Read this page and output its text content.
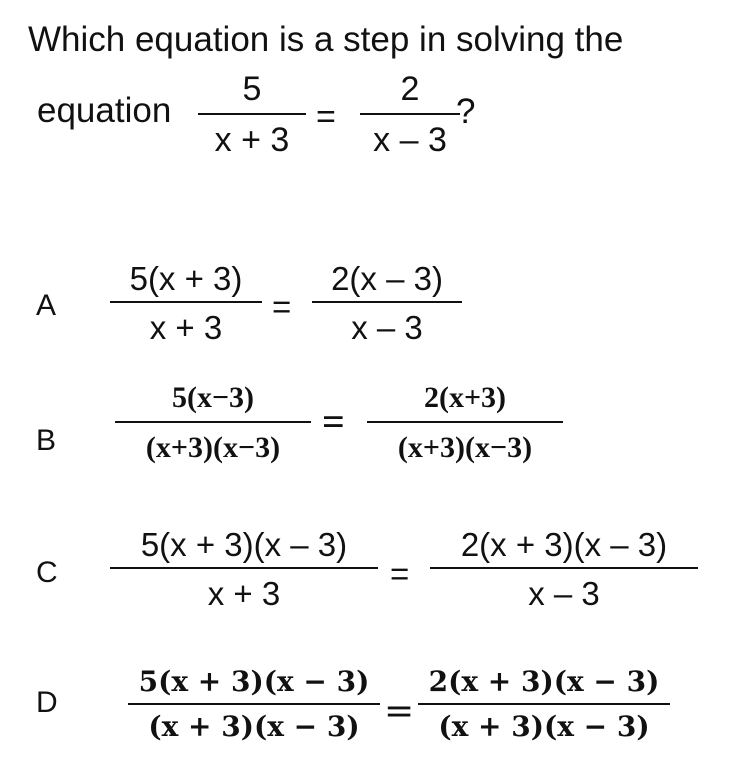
Which equation is a step in solving the
equation
5
x + 3
=
2
x – 3
?
A
5(x + 3)
x + 3
=
2(x – 3)
x – 3
B
5(x−3)
(x+3)(x−3)
=
2(x+3)
(x+3)(x−3)
C
5(x + 3)(x – 3)
x + 3
=
2(x + 3)(x – 3)
x – 3
D
5(x + 3)(x − 3)
(x + 3)(x − 3) =
2(x + 3)(x − 3)
(x + 3)(x − 3)
